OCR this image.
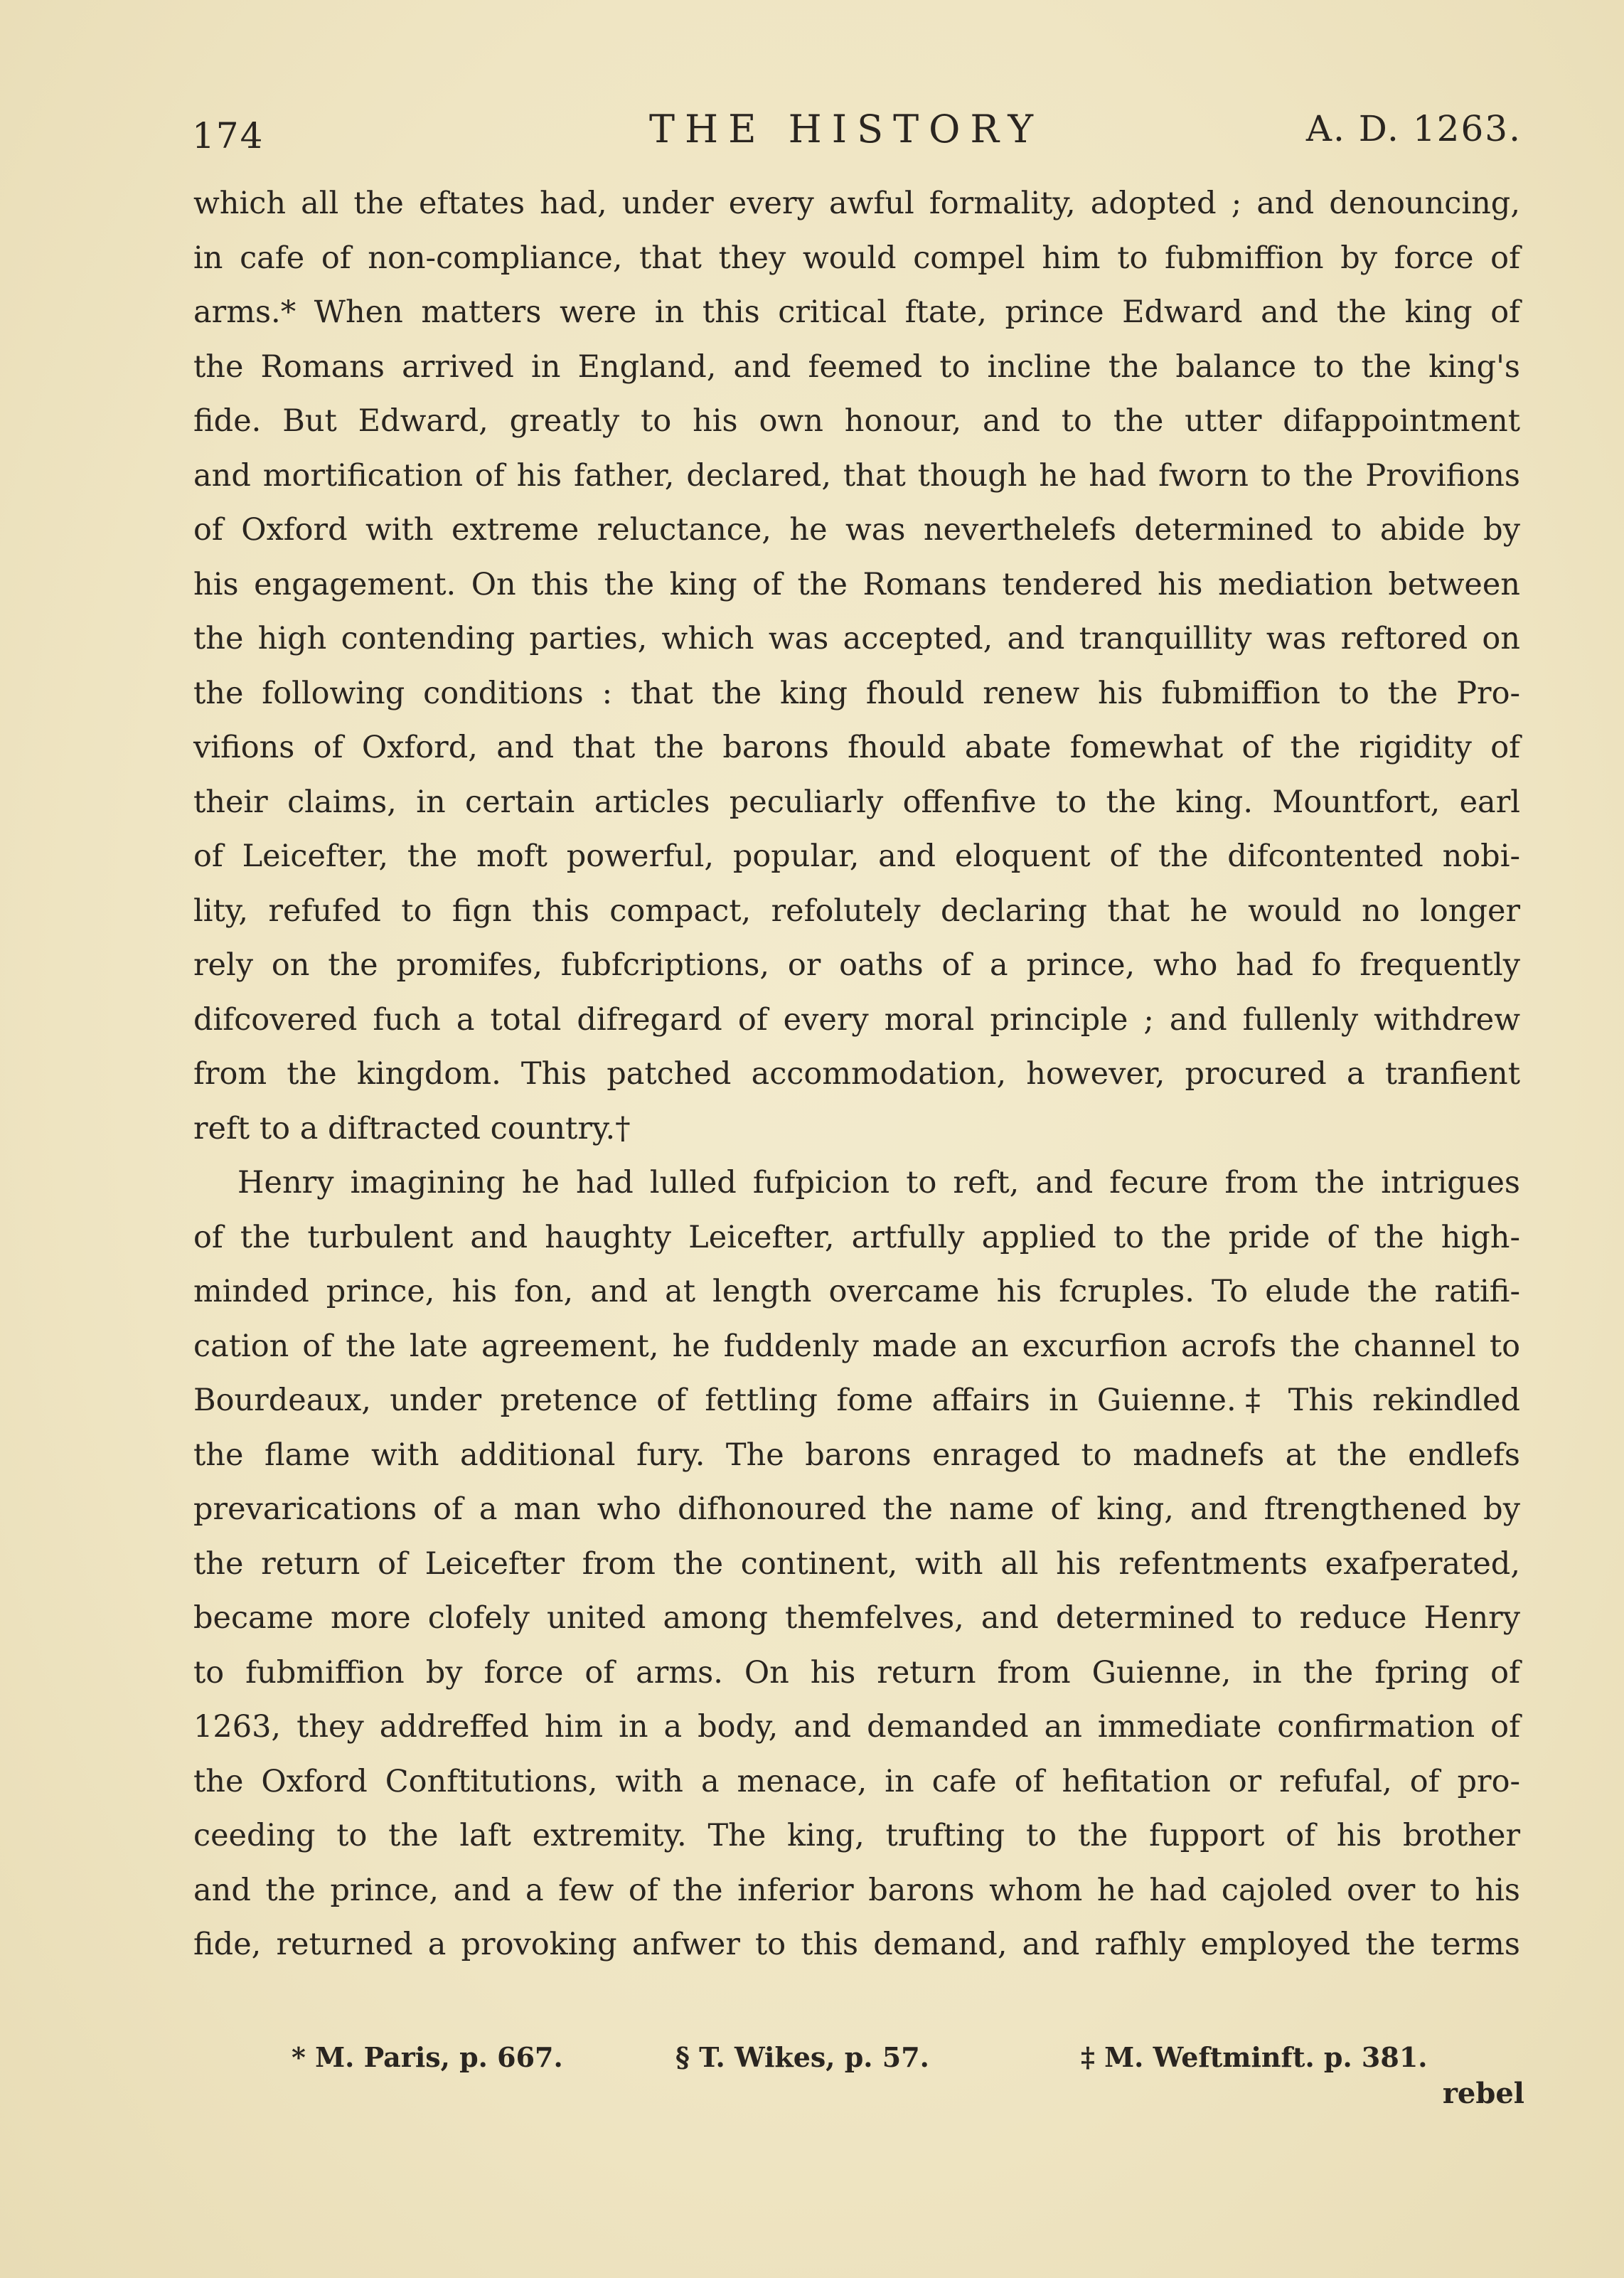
174	THE HISTORY	A. D. 1263.
which all the eftates had, under every awful formality, adopted ; and denouncing,
in cafe of non-compliance, that they would compel him to fubmiffion by force of
arms.* When matters were in this critical ftate, prince Edward and the king of
the Romans arrived in England, and feemed to incline the balance to the king's
fide. But Edward, greatly to his own honour, and to the utter difappointment
and mortification of his father, declared, that though he had fworn to the Provifions
of Oxford with extreme reluctance, he was neverthelefs determined to abide by
his engagement. On this the king of the Romans tendered his mediation between
the high contending parties, which was accepted, and tranquillity was reftored on
the following conditions : that the king fhould renew his fubmiffion to the Pro-
vifions of Oxford, and that the barons fhould abate fomewhat of the rigidity of
their claims, in certain articles peculiarly offenfive to the king. Mountfort, earl
of Leicefter, the moft powerful, popular, and eloquent of the difcontented nobi-
lity, refufed to fign this compact, refolutely declaring that he would no longer
rely on the promifes, fubfcriptions, or oaths of a prince, who had fo frequently
difcovered fuch a total difregard of every moral principle ; and fullenly withdrew
from the kingdom. This patched accommodation, however, procured a tranfient
reft to a diftracted country.†
Henry imagining he had lulled fufpicion to reft, and fecure from the intrigues
of the turbulent and haughty Leicefter, artfully applied to the pride of the high-
minded prince, his fon, and at length overcame his fcruples. To elude the ratifi-
cation of the late agreement, he fuddenly made an excurfion acrofs the channel to
Bourdeaux, under pretence of fettling fome affairs in Guienne.‡ This rekindled
the flame with additional fury. The barons enraged to madnefs at the endlefs
prevarications of a man who difhonoured the name of king, and ftrengthened by
the return of Leicefter from the continent, with all his refentments exafperated,
became more clofely united among themfelves, and determined to reduce Henry
to fubmiffion by force of arms. On his return from Guienne, in the fpring of
1263, they addreffed him in a body, and demanded an immediate confirmation of
the Oxford Conftitutions, with a menace, in cafe of hefitation or refufal, of pro-
ceeding to the laft extremity. The king, trufting to the fupport of his brother
and the prince, and a few of the inferior barons whom he had cajoled over to his
fide, returned a provoking anfwer to this demand, and rafhly employed the terms
* M. Paris, p. 667.	§ T. Wikes, p. 57.	‡ M. Weftminft. p. 381.
rebel
